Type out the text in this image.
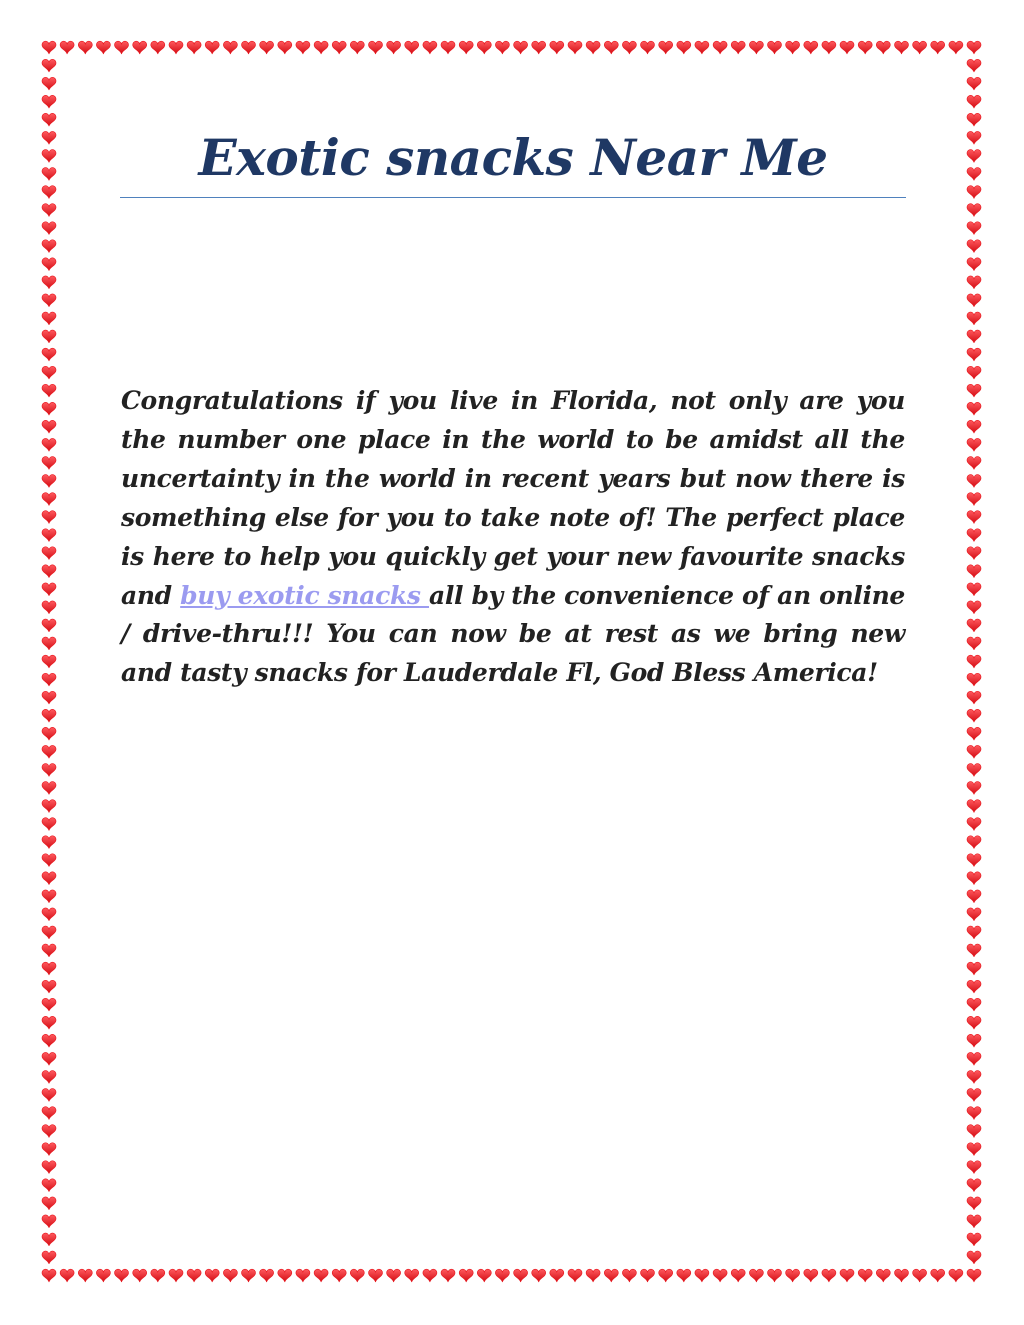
Exotic snacks Near Me

Congratulations if you live in Florida, not only are you the number one place in the world to be amidst all the uncertainty in the world in recent years but now there is something else for you to take note of! The perfect place is here to help you quickly get your new favourite snacks and buy exotic snacks all by the convenience of an online / drive-thru!!! You can now be at rest as we bring new and tasty snacks for Lauderdale Fl, God Bless America!
